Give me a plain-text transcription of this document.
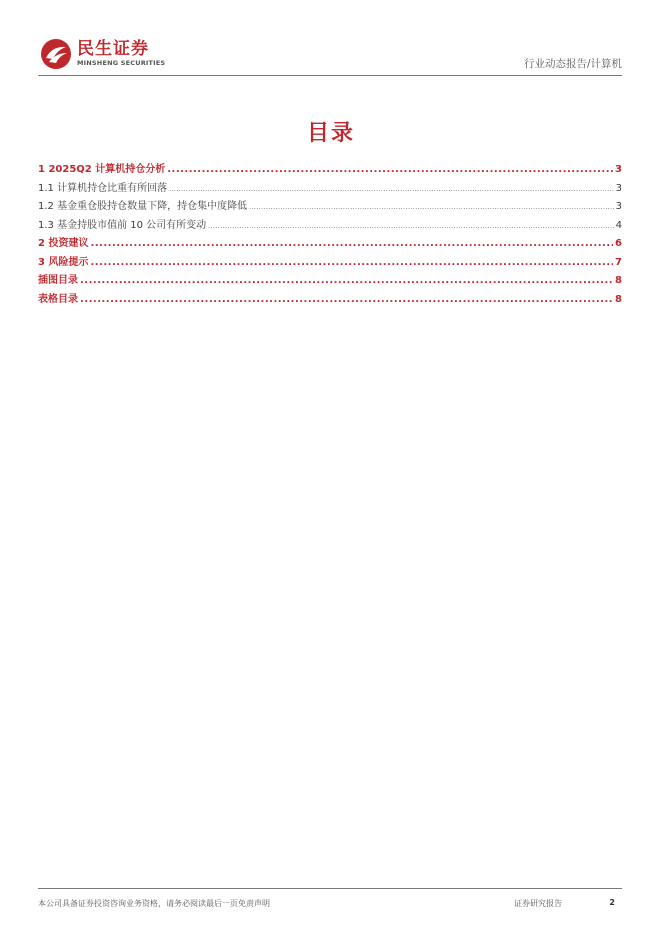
民生证券
MINSHENG SECURITIES	行业动态报告/计算机
目录
1 2025Q2 计算机持仓分析 .....	3
1.1 计算机持仓比重有所回落 .....	3
1.2 基金重仓股持仓数量下降，持仓集中度降低 .....	3
1.3 基金持股市值前 10 公司有所变动 .....	4
2 投资建议 .....	6
3 风险提示 .....	7
插图目录 .....	8
表格目录 .....	8
本公司具备证券投资咨询业务资格，请务必阅读最后一页免责声明	证券研究报告	2
